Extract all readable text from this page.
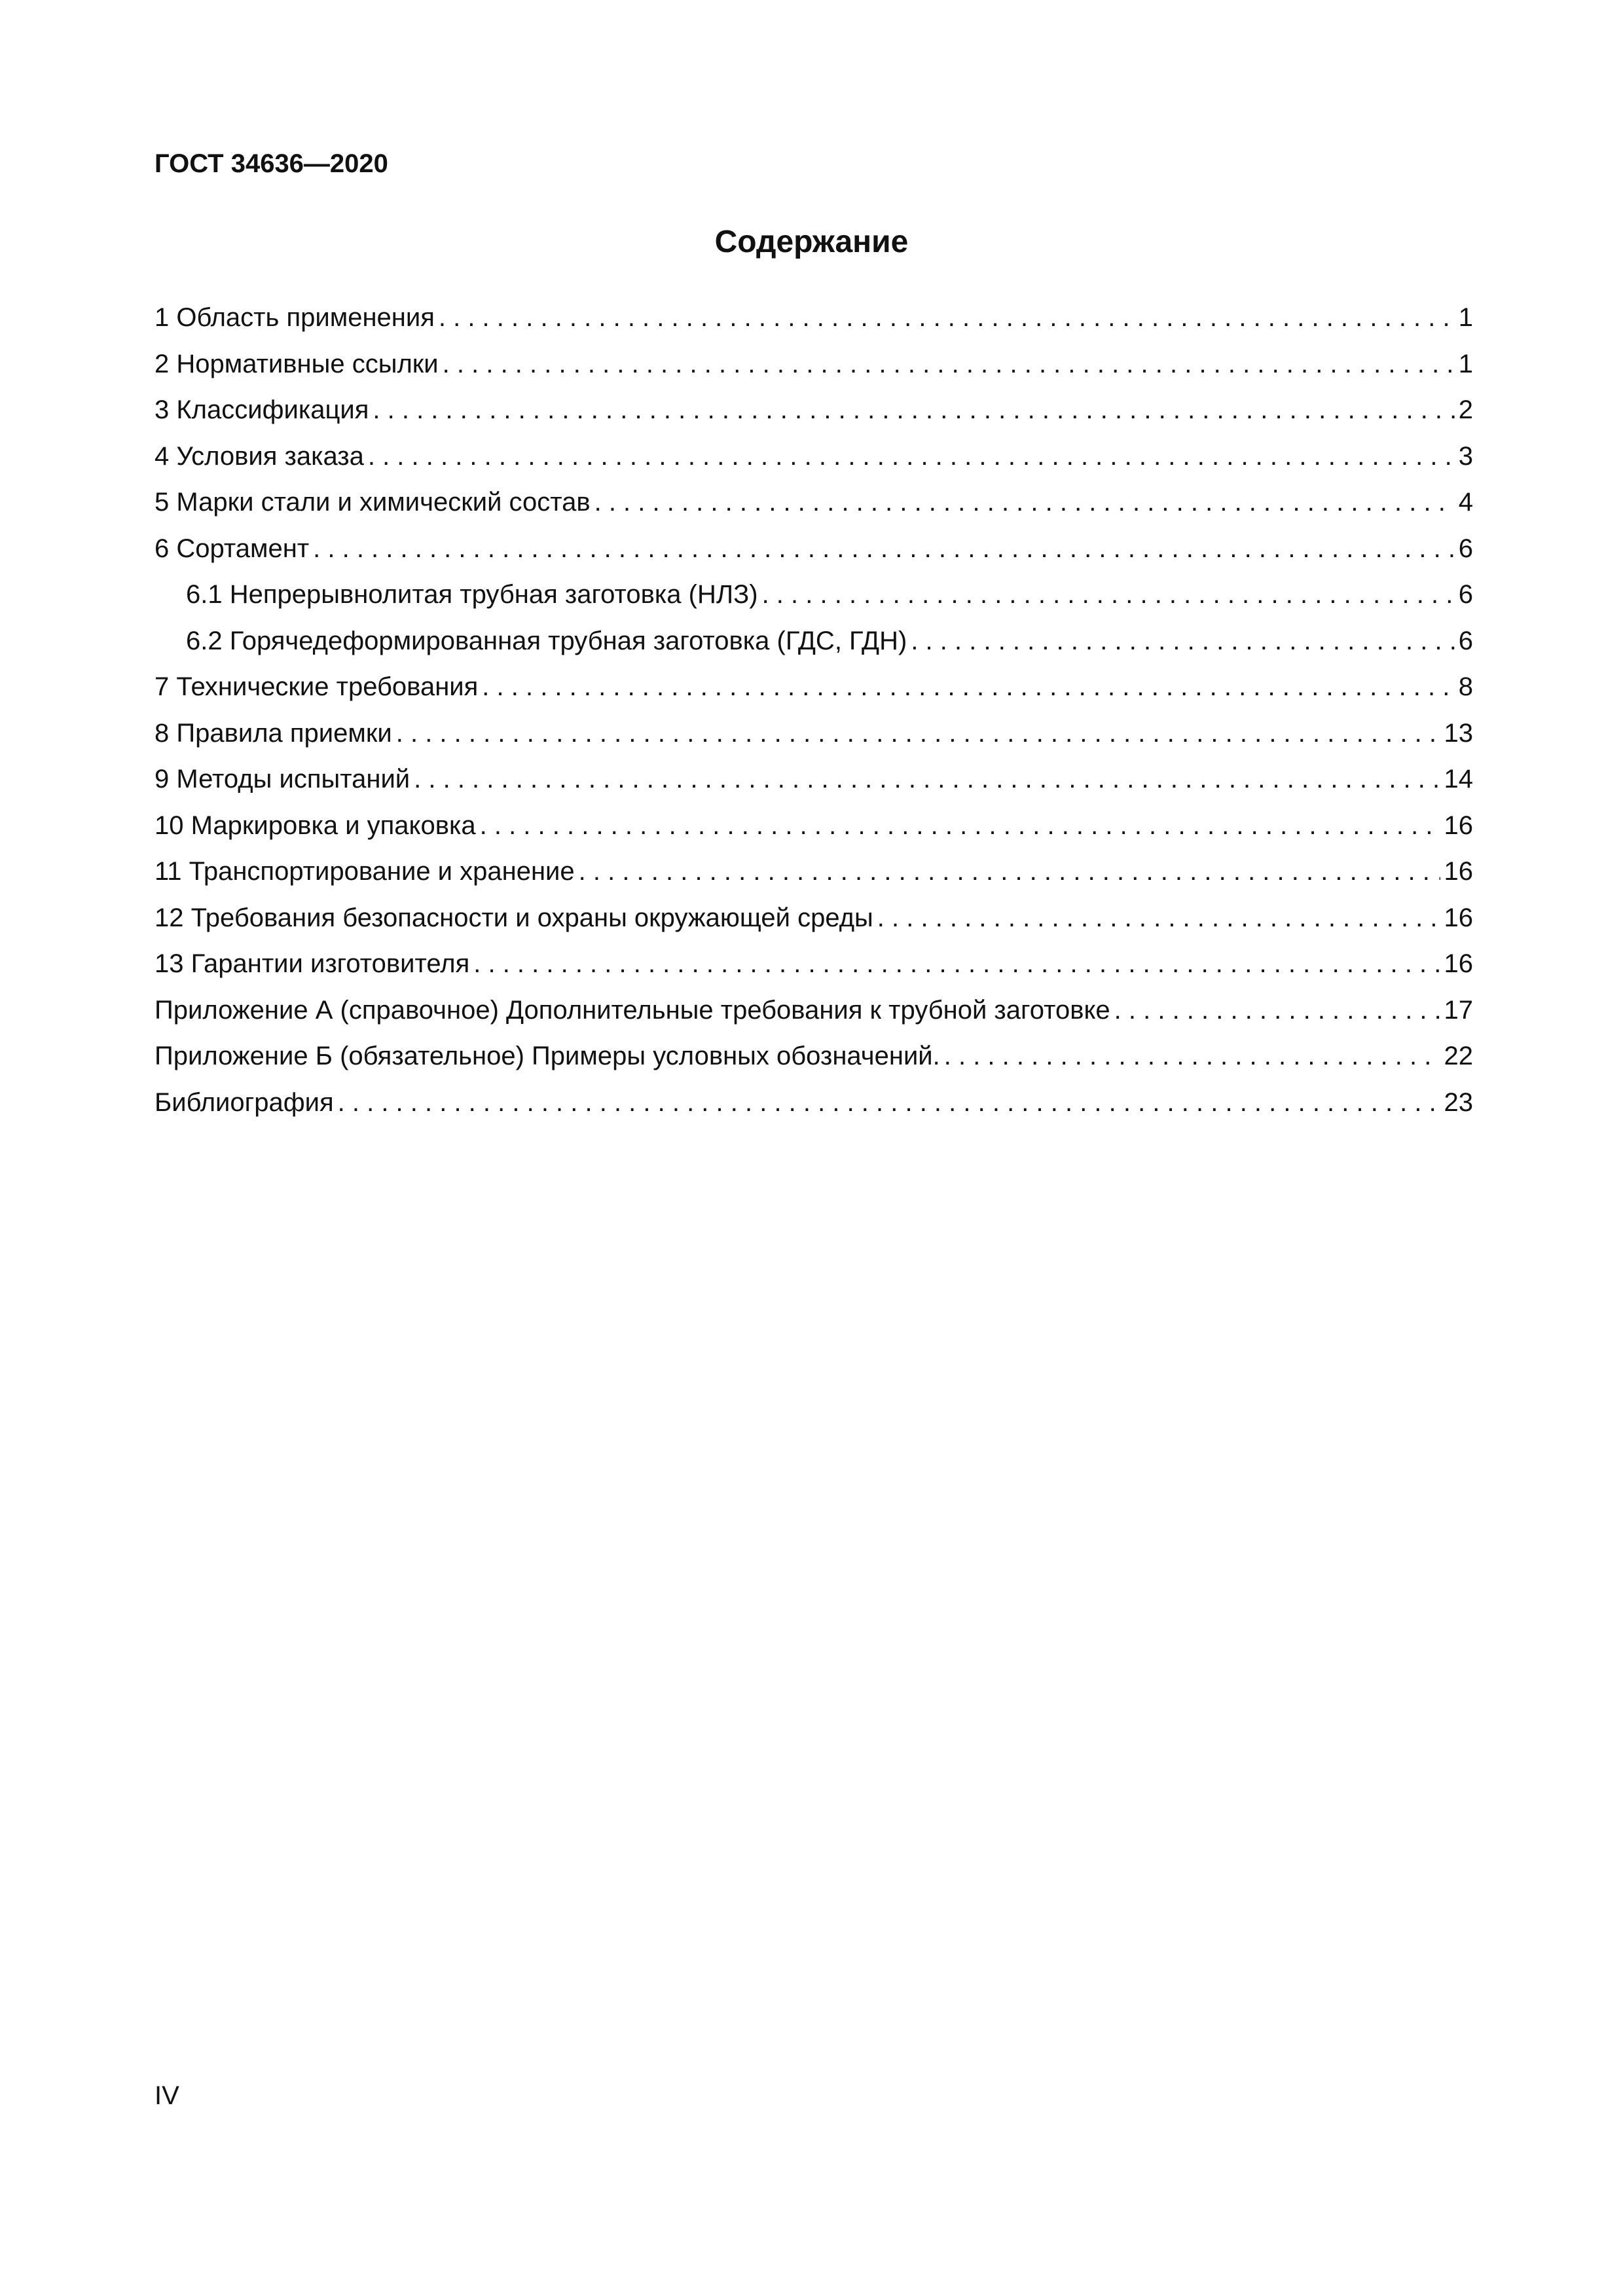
ГОСТ 34636—2020
Содержание
1 Область применения . . .	1
2 Нормативные ссылки . . .	1
3 Классификация . . .	2
4 Условия заказа . . .	3
5 Марки стали и химический состав . . .	4
6 Сортамент . . .	6
6.1 Непрерывнолитая трубная заготовка (НЛЗ) . . .	6
6.2 Горячедеформированная трубная заготовка (ГДС, ГДН) . . .	6
7 Технические требования . . .	8
8 Правила приемки . . .	13
9 Методы испытаний . . .	14
10 Маркировка и упаковка . . .	16
11 Транспортирование и хранение . . .	16
12 Требования безопасности и охраны окружающей среды . . .	16
13 Гарантии изготовителя . . .	16
Приложение А (справочное) Дополнительные требования к трубной заготовке . . .	17
Приложение Б (обязательное) Примеры условных обозначений. . . .	22
Библиография . . .	23
IV
